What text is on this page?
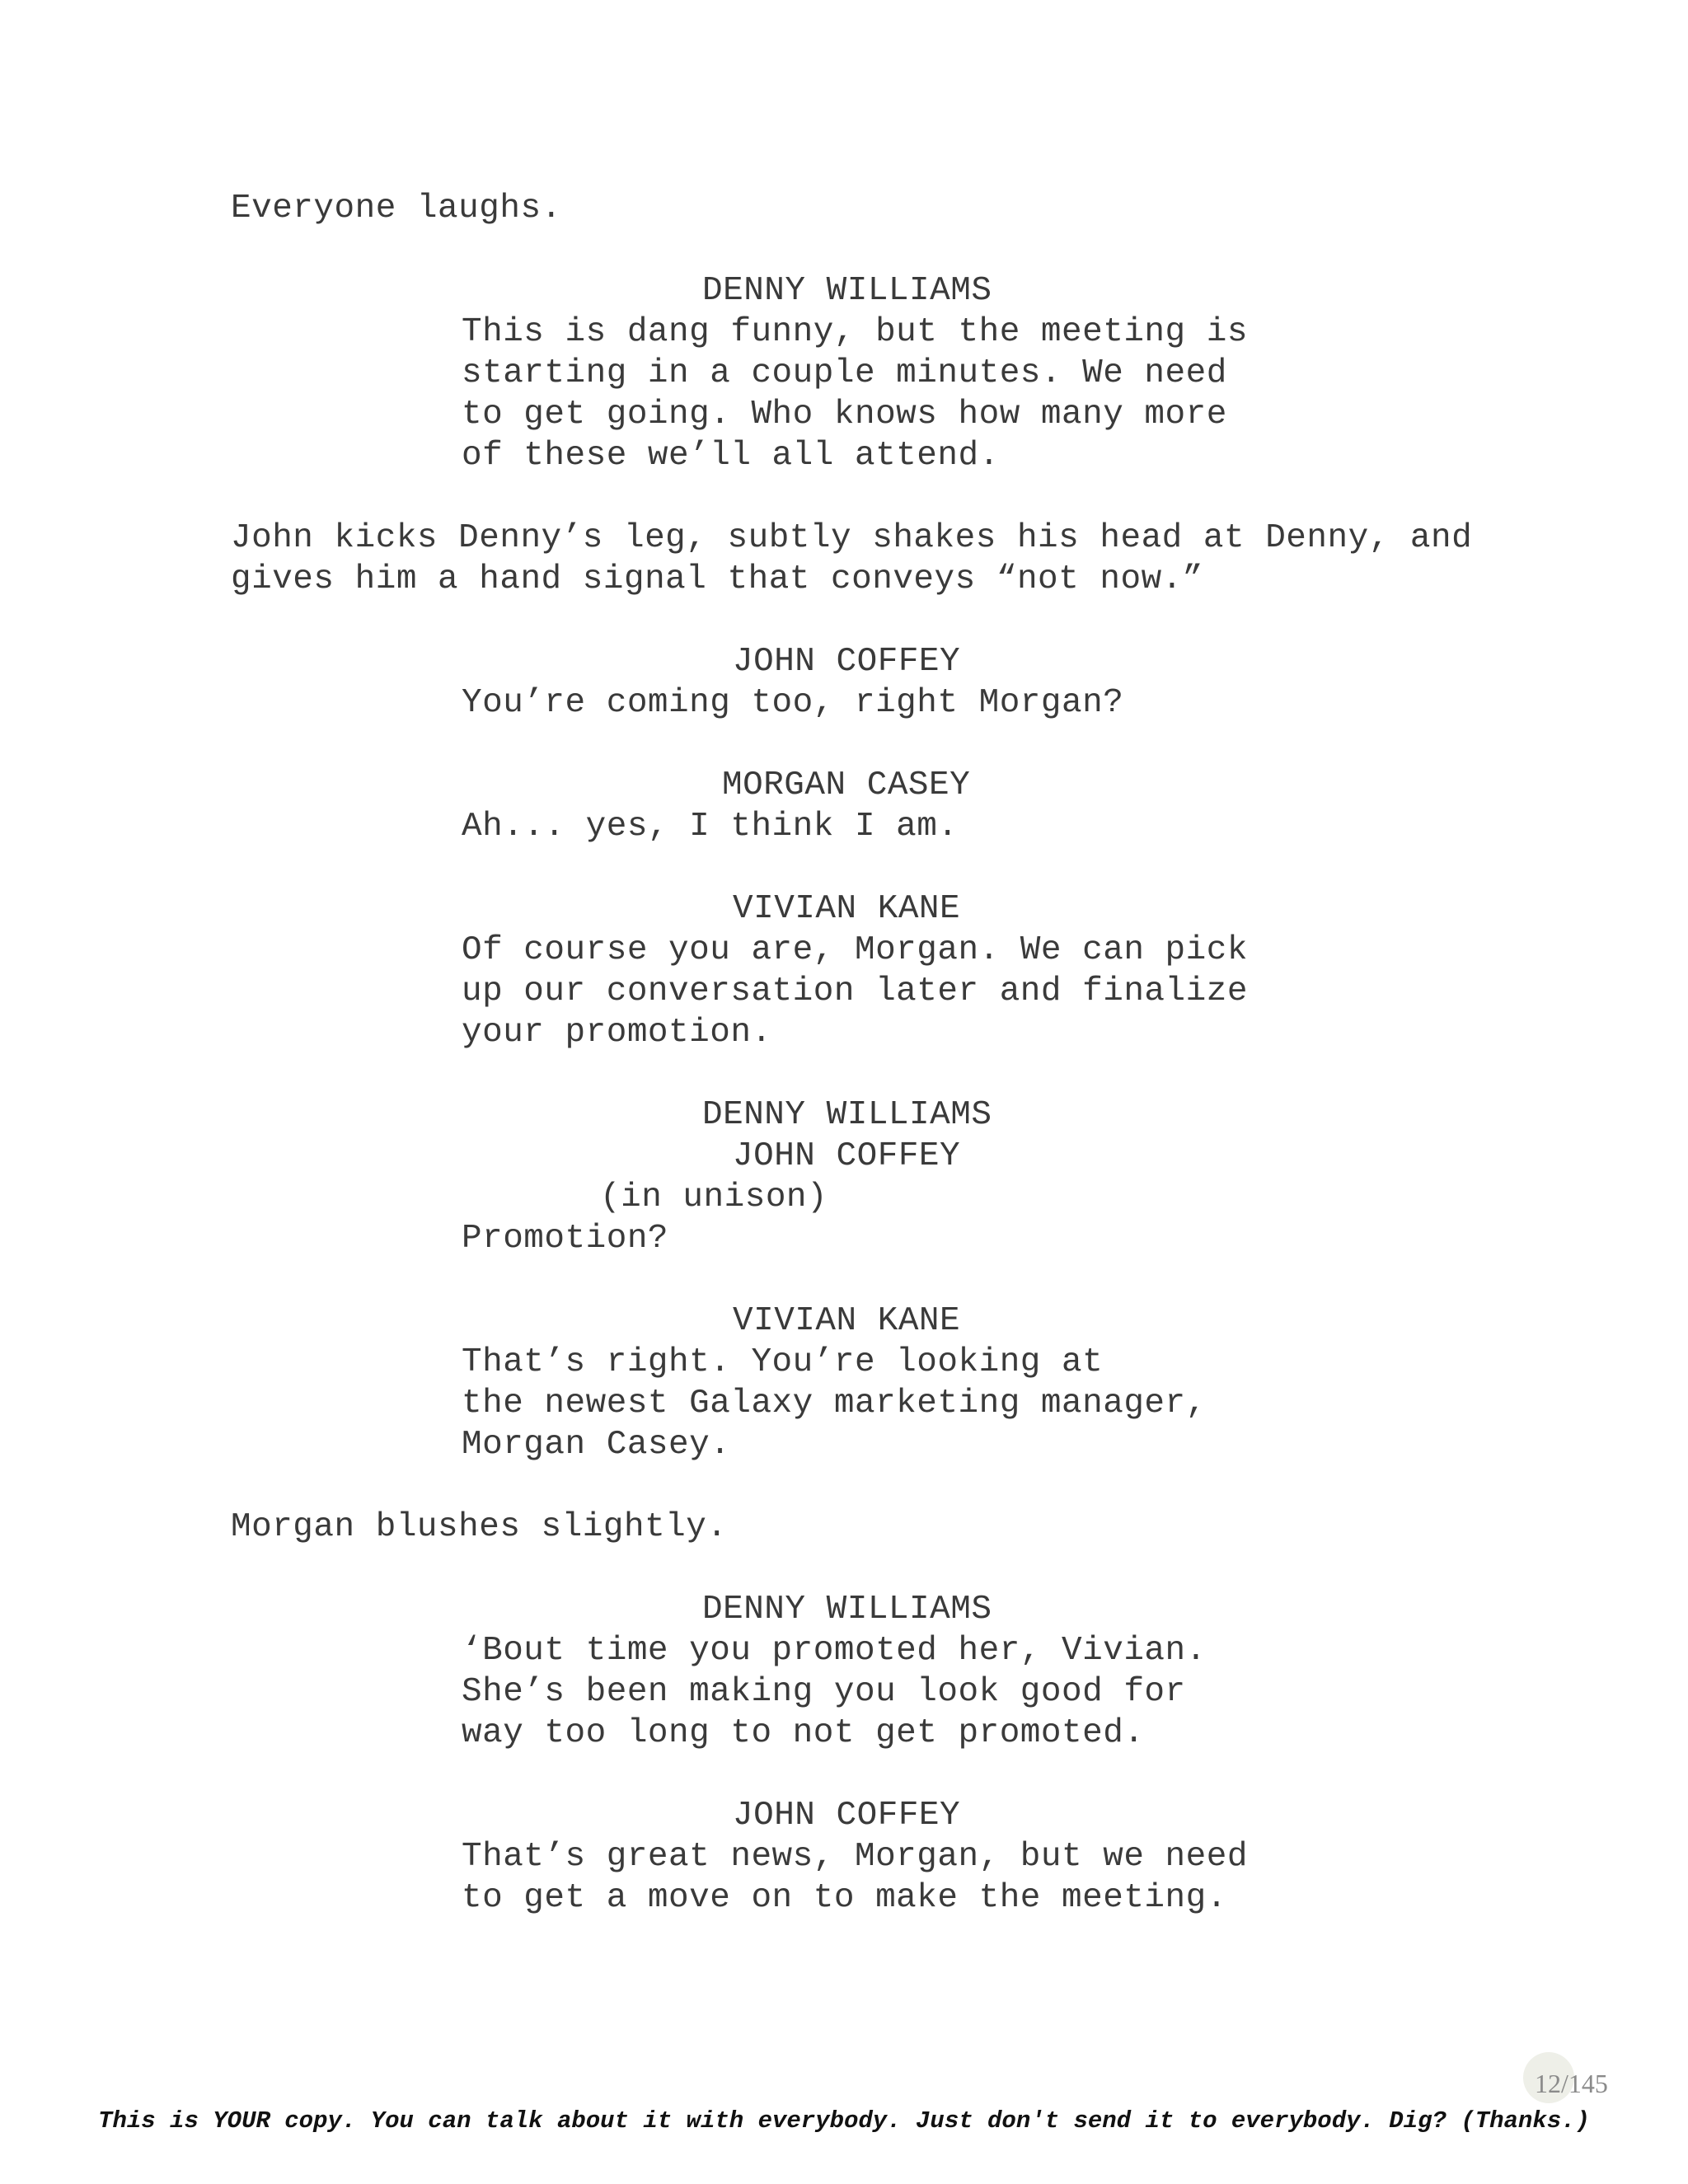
Everyone laughs.
DENNY WILLIAMS
This is dang funny, but the meeting is
starting in a couple minutes. We need
to get going. Who knows how many more
of these we’ll all attend.
John kicks Denny’s leg, subtly shakes his head at Denny, and
gives him a hand signal that conveys “not now.”
JOHN COFFEY
You’re coming too, right Morgan?
MORGAN CASEY
Ah... yes, I think I am.
VIVIAN KANE
Of course you are, Morgan. We can pick
up our conversation later and finalize
your promotion.
DENNY WILLIAMS
JOHN COFFEY
(in unison)
Promotion?
VIVIAN KANE
That’s right. You’re looking at
the newest Galaxy marketing manager,
Morgan Casey.
Morgan blushes slightly.
DENNY WILLIAMS
‘Bout time you promoted her, Vivian.
She’s been making you look good for
way too long to not get promoted.
JOHN COFFEY
That’s great news, Morgan, but we need
to get a move on to make the meeting.
12/145
This is YOUR copy. You can talk about it with everybody. Just don't send it to everybody. Dig? (Thanks.)
